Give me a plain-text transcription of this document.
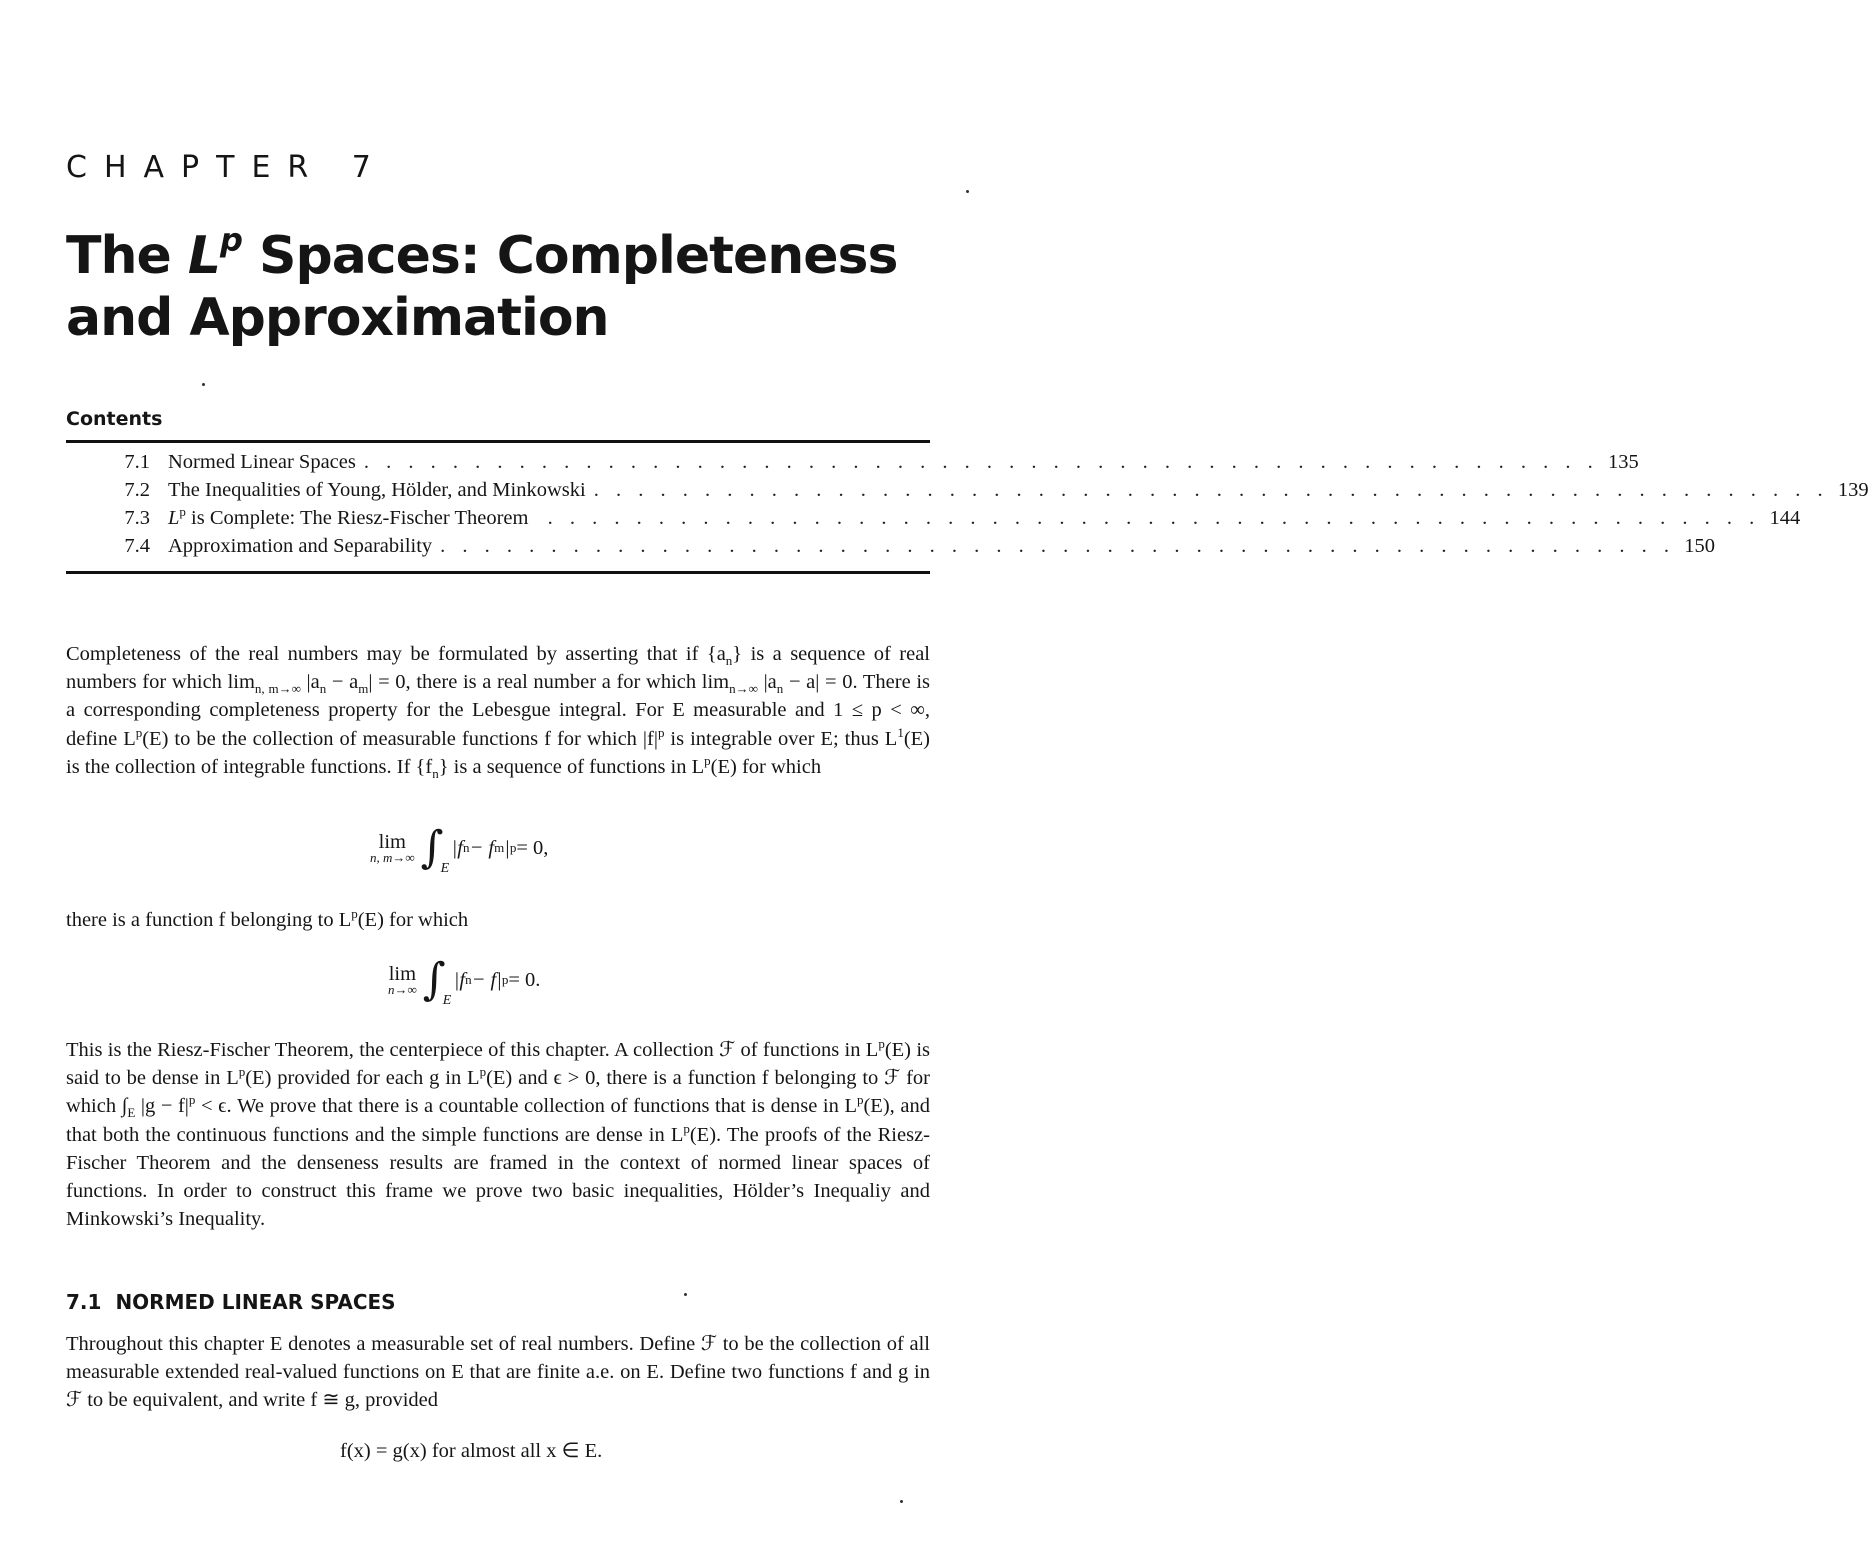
CHAPTER 7
The $L^p$ Spaces: Completeness
and Approximation
Contents
7.1 Normed Linear Spaces . . . . . . . . . . . . . . . . . . . . . . . . . . . . . . . . . . . . . . . . . . . . . . . . . . . . . . . . 135
7.2 The Inequalities of Young, Hölder, and Minkowski . . . . . . . . . . . . . . . . . . . . . . . . . . . . . . . . . . . . . . . . . . . . . . . . . . . . . . . . 139
7.3 $L^p$ is Complete: The Riesz-Fischer Theorem . . . . . . . . . . . . . . . . . . . . . . . . . . . . . . . . . . . . . . . . . . . . . . . . . . . . . . . 144
7.4 Approximation and Separability . . . . . . . . . . . . . . . . . . . . . . . . . . . . . . . . . . . . . . . . . . . . . . . . . . . . . . . . 150
Completeness of the real numbers may be formulated by asserting that if $\{a_n\}$ is a sequence of real numbers for which $\lim_{n, m\to\infty} |a_n - a_m| = 0$, there is a real number a for which $\lim_{n\to\infty} |a_n - a| = 0$. There is a corresponding completeness property for the Lebesgue integral. For E measurable and 1 ≤ p < ∞, define $L^p(E)$ to be the collection of measurable functions f for which $|f|^p$ is integrable over E; thus $L^1(E)$ is the collection of integrable functions. If $\{f_n\}$ is a sequence of functions in $L^p(E)$ for which
lim
n, m→∞ ∫
E
|f n − f m | p = 0,
there is a function f belonging to $L^p(E)$ for which
lim
n→∞ ∫
E
|f n − f| p = 0.
This is the Riesz-Fischer Theorem, the centerpiece of this chapter. A collection ℱ of functions in $L^p(E)$ is said to be dense in $L^p(E)$ provided for each g in $L^p(E)$ and ϵ > 0, there is a function f belonging to ℱ for which $\int_E$ $|g - f|^p < \epsilon$. We prove that there is a countable collection of functions that is dense in $L^p(E)$, and that both the continuous functions and the simple functions are dense in $L^p(E)$. The proofs of the Riesz-Fischer Theorem and the denseness results are framed in the context of normed linear spaces of functions. In order to construct this frame we prove two basic inequalities, Hölder’s Inequaliy and Minkowski’s Inequality.
7.1 NORMED LINEAR SPACES
Throughout this chapter E denotes a measurable set of real numbers. Define ℱ to be the collection of all measurable extended real-valued functions on E that are finite a.e. on E. Define two functions f and g in ℱ to be equivalent, and write f ≅ g, provided
f(x) = g(x) for almost all x ∈ E.
